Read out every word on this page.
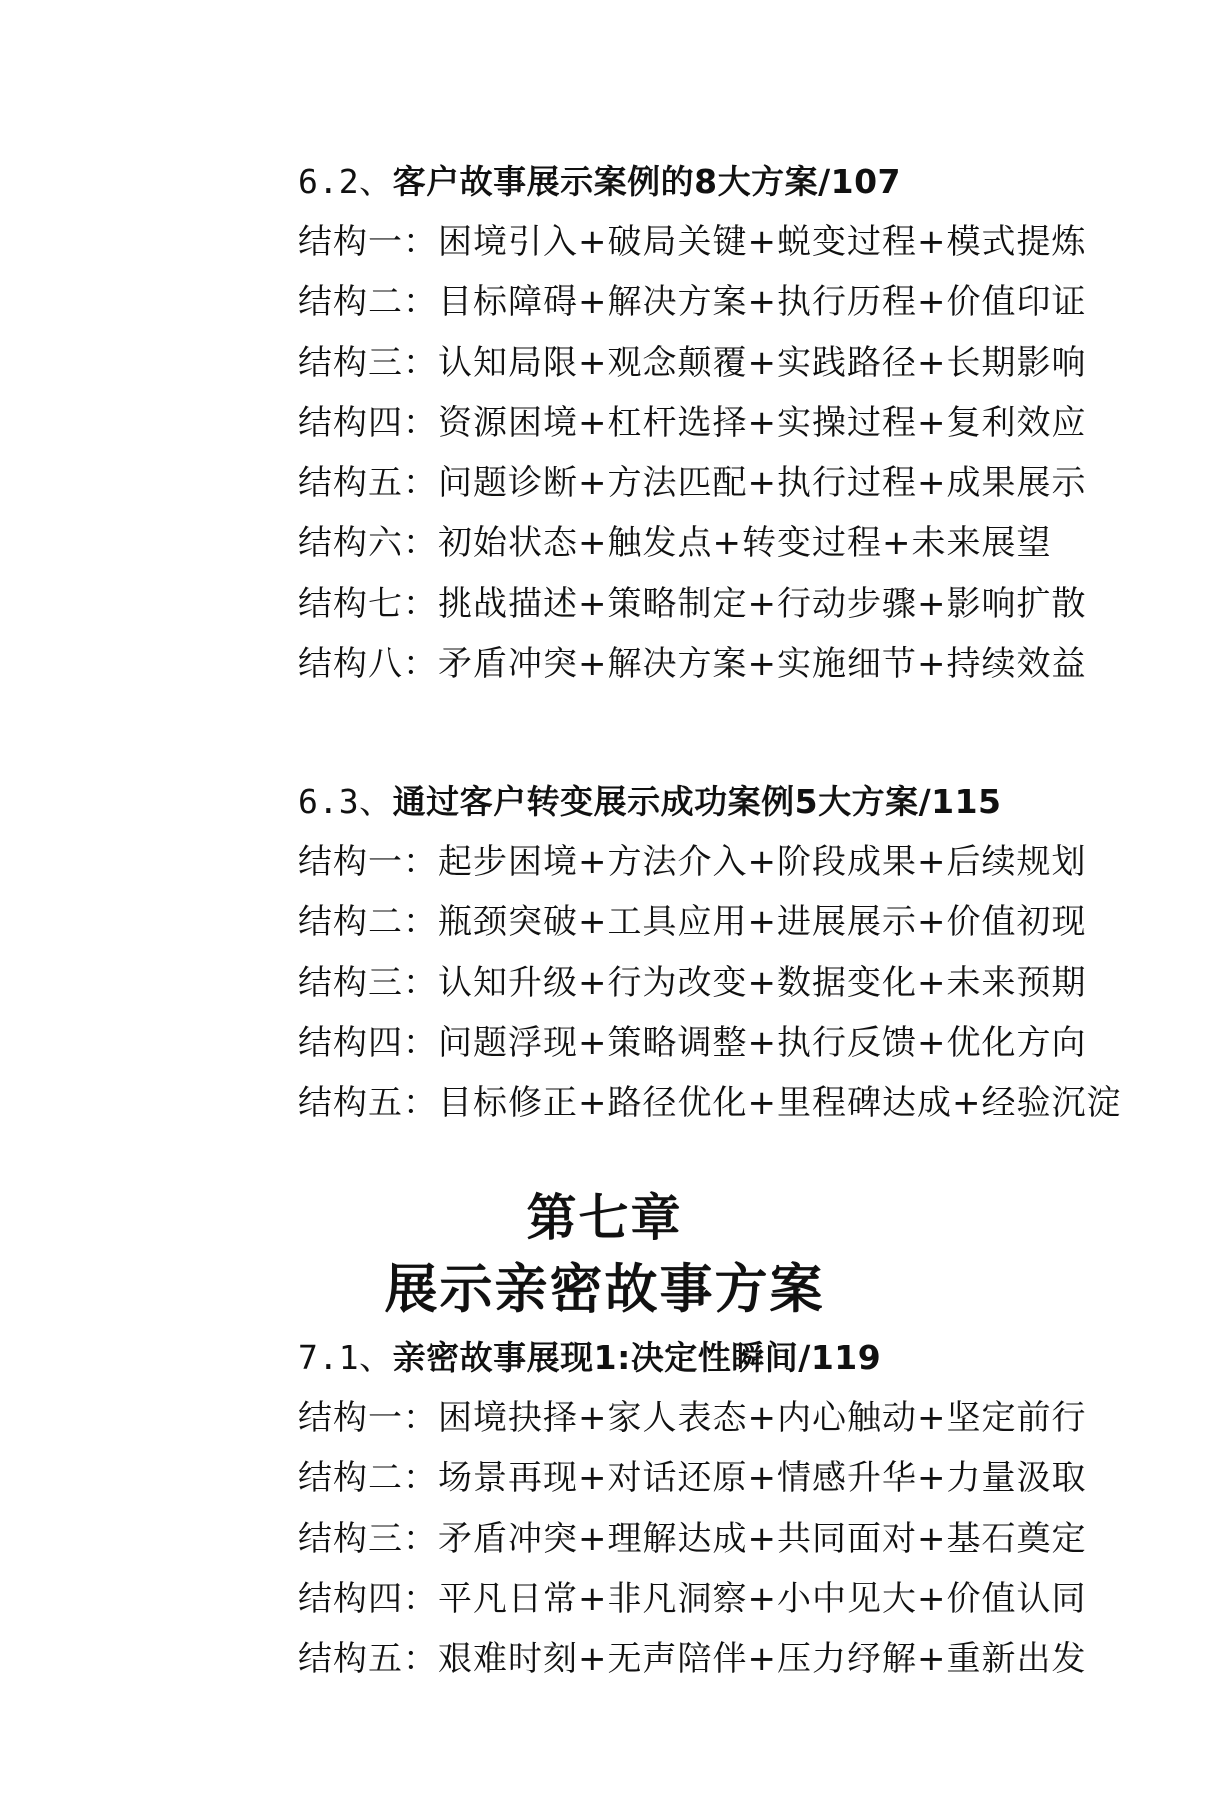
6.2、客户故事展示案例的8大方案/107
结构一：困境引入+破局关键+蜕变过程+模式提炼
结构二：目标障碍+解决方案+执行历程+价值印证
结构三：认知局限+观念颠覆+实践路径+长期影响
结构四：资源困境+杠杆选择+实操过程+复利效应
结构五：问题诊断+方法匹配+执行过程+成果展示
结构六：初始状态+触发点+转变过程+未来展望
结构七：挑战描述+策略制定+行动步骤+影响扩散
结构八：矛盾冲突+解决方案+实施细节+持续效益
6.3、通过客户转变展示成功案例5大方案/115
结构一：起步困境+方法介入+阶段成果+后续规划
结构二：瓶颈突破+工具应用+进展展示+价值初现
结构三：认知升级+行为改变+数据变化+未来预期
结构四：问题浮现+策略调整+执行反馈+优化方向
结构五：目标修正+路径优化+里程碑达成+经验沉淀
第七章
展示亲密故事方案
7.1、亲密故事展现1:决定性瞬间/119
结构一：困境抉择+家人表态+内心触动+坚定前行
结构二：场景再现+对话还原+情感升华+力量汲取
结构三：矛盾冲突+理解达成+共同面对+基石奠定
结构四：平凡日常+非凡洞察+小中见大+价值认同
结构五：艰难时刻+无声陪伴+压力纾解+重新出发
